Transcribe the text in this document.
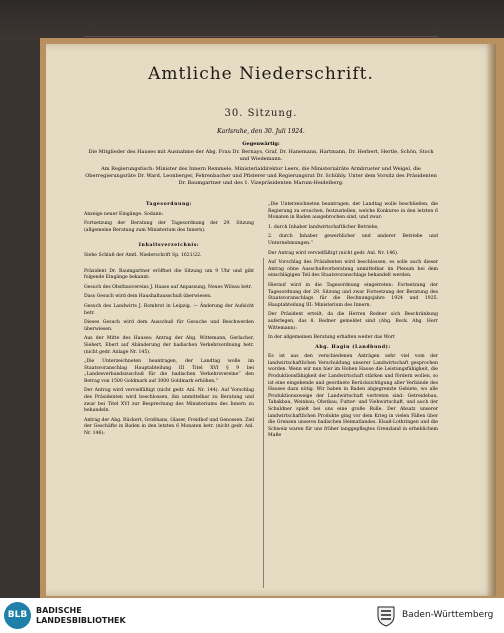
1559	Badischer Landtag. — 30. Sitzung. Mittwoch, 30. Juli 1924.	1560
Amtliche Niederschrift.
30. Sitzung.
Karlsruhe, den 30. Juli 1924.
Gegenwärtig:
Die Mitglieder des Hauses mit Ausnahme der Abg. Frau Dr. Bernays, Graf, Dr. Hanemann, Hartmann, Dr. Herbert, Hertle, Schön, Stock und Wiedemann.
Am Regierungstisch: Minister des Innern Remmele, Ministerialdirektor Leers, die Ministerialräte Armbruster und Weigel, die Oberregierungsräte Dr. Ward, Leonberger, Fehrenbacher und Pfisterer und Regierungsrat Dr. Schühly. Unter dem Vorsitz des Präsidenten Dr. Baumgartner und des 1. Vizepräsidenten Marum-Heidelberg.

Tagesordnung:

Anzeige neuer Eingänge. Sodann:

Fortsetzung der Beratung der Tagesordnung der 29. Sitzung (allgemeine Beratung zum Ministerium des Innern).

Inhaltsverzeichnis:

Siehe Schluß der Amtl. Niederschrift Sp. 1621/22.

Präsident Dr. Baumgartner eröffnet die Sitzung um 9 Uhr und gibt folgende Eingänge bekannt:

Gesuch des Obstbauvereins J. Haase auf Anpassung, Neues Wilsau betr.

Dass Gesuch wird dem Haushaltausschuß überwiesen.

Gesuch des Landwirts J. Rombrot in Leipzig. — Änderung der Aufsicht betr.

Dieses Gesuch wird dem Ausschuß für Gesuche und Beschwerden überwiesen.

Aus der Mitte des Hauses: Antrag der Abg. Wittemann, Gerlacher, Siebert, Ebert auf Abänderung der badischen Verkehrsordnung betr. (nicht gedr. Anlage Nr. 145).

„Die Unterzeichneten beantragen, der Landtag wolle im Staatsvoranschlag Hauptabteilung III Titel XVI § 9 bei „Landesverbandszuschuß für die badischen Verkehrsvereine“ den Betrag von 1500 Goldmark auf 3000 Goldmark erhöhen.“

Der Antrag wird vervielfältigt (nicht gedr. Anl. Nr. 144). Auf Vorschlag des Präsidenten wird beschlossen, ihn unmittelbar zu Beratung und zwar bei Titel XVI zur Besprechung des Ministeriums des Innern zu behandeln.

Antrag der Abg. Rückert, Großhans, Glaser, Freidhof und Genossen. Ziel der Geschäfte in Baden in den letzten 6 Monaten betr. (nicht gedr. Anl. Nr. 146):

„Die Unterzeichneten beantragen, der Landtag wolle beschließen, die Regierung zu ersuchen, festzustellen, welche Konkurse in den letzten 6 Monaten in Baden ausgebrochen sind, und zwar:

1. durch Inhaber landwirtschaftlicher Betriebe,

2. durch Inhaber gewerblicher und anderer Betriebe und Unternehmungen.“

Der Antrag wird vervielfältigt (nicht gedr. Anl. Nr. 146).

Auf Vorschlag des Präsidenten wird beschlossen, es solle auch dieser Antrag ohne Ausschußvorberatung unmittelbar im Plenum bei dem einschlägigen Teil des Staatsvoranschlags behandelt werden.

Hierauf wird in die Tagesordnung eingetreten: Fortsetzung der Tagesordnung der 29. Sitzung und zwar Fortsetzung der Beratung des Staatsvoranschlags für die Rechnungsjahre 1924 und 1925. Hauptabteilung III: Ministerium des Innern.

Der Präsident erteilt, da die Herren Redner sich Beschränkung auferlegen, das 8. Redner gemeldet sind (Abg. Bock. Abg. Herr Wittemann):

In der allgemeinen Beratung erhalten weiter das Wort

Abg. Hagin (Landbund):

Es ist aus den verschiedenen Anträgen sehr viel vom der landwirtschaftlichen Verschuldung unserer Landwirtschaft gesprochen worden. Wenn wir nun hier im Hohen Hause die Leistungsfähigkeit, die Produktionsfähigkeit der Landwirtschaft stärken und fördern wollen, so ist eine eingehende und geordnete Berücksichtigung aller Verbände des Hauses dazu nötig. Wir haben in Baden abgegrenzte Gebiete, wo alle Produktionszweige der Landwirtschaft vertreten sind: Getreidebau, Tabakbau, Weinbau, Obstbau, Futter- und Viehwirtschaft, und auch der Schuldner spielt bei uns eine große Rolle. Der Absatz unserer landwirtschaftlichen Produkte ging vor dem Krieg in vielen Fällen über die Grenzen unseres badischen Heimatlandes. Elsaß-Lothringen und die Schweiz waren für uns früher langgepflegtes Grenzland in erheblichem Maße

BLB	BADISCHE
LANDESBIBLIOTHEK
Baden-Württemberg
